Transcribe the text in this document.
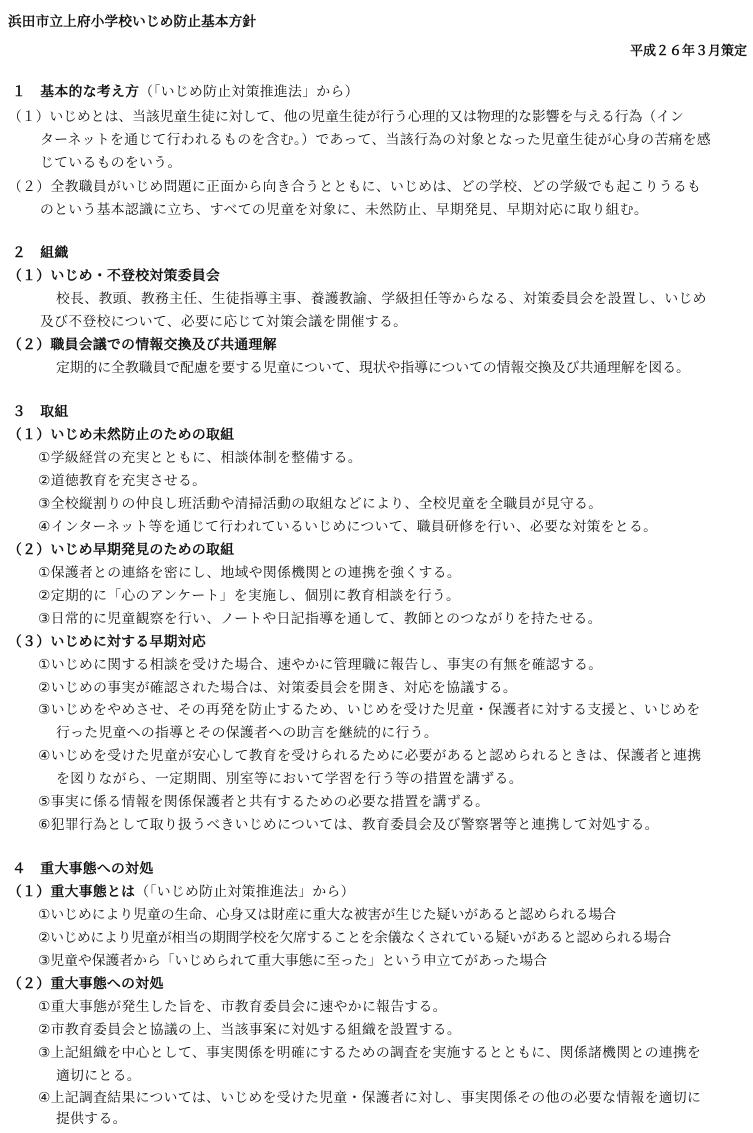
浜田市立上府小学校いじめ防止基本方針
平成２６年３月策定
１　基本的な考え方（「いじめ防止対策推進法」から）
（１）いじめとは、当該児童生徒に対して、他の児童生徒が行う心理的又は物理的な影響を与える行為（イン
ターネットを通じて行われるものを含む。）であって、当該行為の対象となった児童生徒が心身の苦痛を感
じているものをいう。
（２）全教職員がいじめ問題に正面から向き合うとともに、いじめは、どの学校、どの学級でも起こりうるも
のという基本認識に立ち、すべての児童を対象に、未然防止、早期発見、早期対応に取り組む。
２　組織
（１）いじめ・不登校対策委員会
校長、教頭、教務主任、生徒指導主事、養護教諭、学級担任等からなる、対策委員会を設置し、いじめ
及び不登校について、必要に応じて対策会議を開催する。
（２）職員会議での情報交換及び共通理解
定期的に全教職員で配慮を要する児童について、現状や指導についての情報交換及び共通理解を図る。
３　取組
（１）いじめ未然防止のための取組
①学級経営の充実とともに、相談体制を整備する。
②道徳教育を充実させる。
③全校縦割りの仲良し班活動や清掃活動の取組などにより、全校児童を全職員が見守る。
④インターネット等を通じて行われているいじめについて、職員研修を行い、必要な対策をとる。
（２）いじめ早期発見のための取組
①保護者との連絡を密にし、地域や関係機関との連携を強くする。
②定期的に「心のアンケート」を実施し、個別に教育相談を行う。
③日常的に児童観察を行い、ノートや日記指導を通して、教師とのつながりを持たせる。
（３）いじめに対する早期対応
①いじめに関する相談を受けた場合、速やかに管理職に報告し、事実の有無を確認する。
②いじめの事実が確認された場合は、対策委員会を開き、対応を協議する。
③いじめをやめさせ、その再発を防止するため、いじめを受けた児童・保護者に対する支援と、いじめを
行った児童への指導とその保護者への助言を継続的に行う。
④いじめを受けた児童が安心して教育を受けられるために必要があると認められるときは、保護者と連携
を図りながら、一定期間、別室等において学習を行う等の措置を講ずる。
⑤事実に係る情報を関係保護者と共有するための必要な措置を講ずる。
⑥犯罪行為として取り扱うべきいじめについては、教育委員会及び警察署等と連携して対処する。
４　重大事態への対処
（１）重大事態とは（「いじめ防止対策推進法」から）
①いじめにより児童の生命、心身又は財産に重大な被害が生じた疑いがあると認められる場合
②いじめにより児童が相当の期間学校を欠席することを余儀なくされている疑いがあると認められる場合
③児童や保護者から「いじめられて重大事態に至った」という申立てがあった場合
（２）重大事態への対処
①重大事態が発生した旨を、市教育委員会に速やかに報告する。
②市教育委員会と協議の上、当該事案に対処する組織を設置する。
③上記組織を中心として、事実関係を明確にするための調査を実施するとともに、関係諸機関との連携を
適切にとる。
④上記調査結果については、いじめを受けた児童・保護者に対し、事実関係その他の必要な情報を適切に
提供する。
